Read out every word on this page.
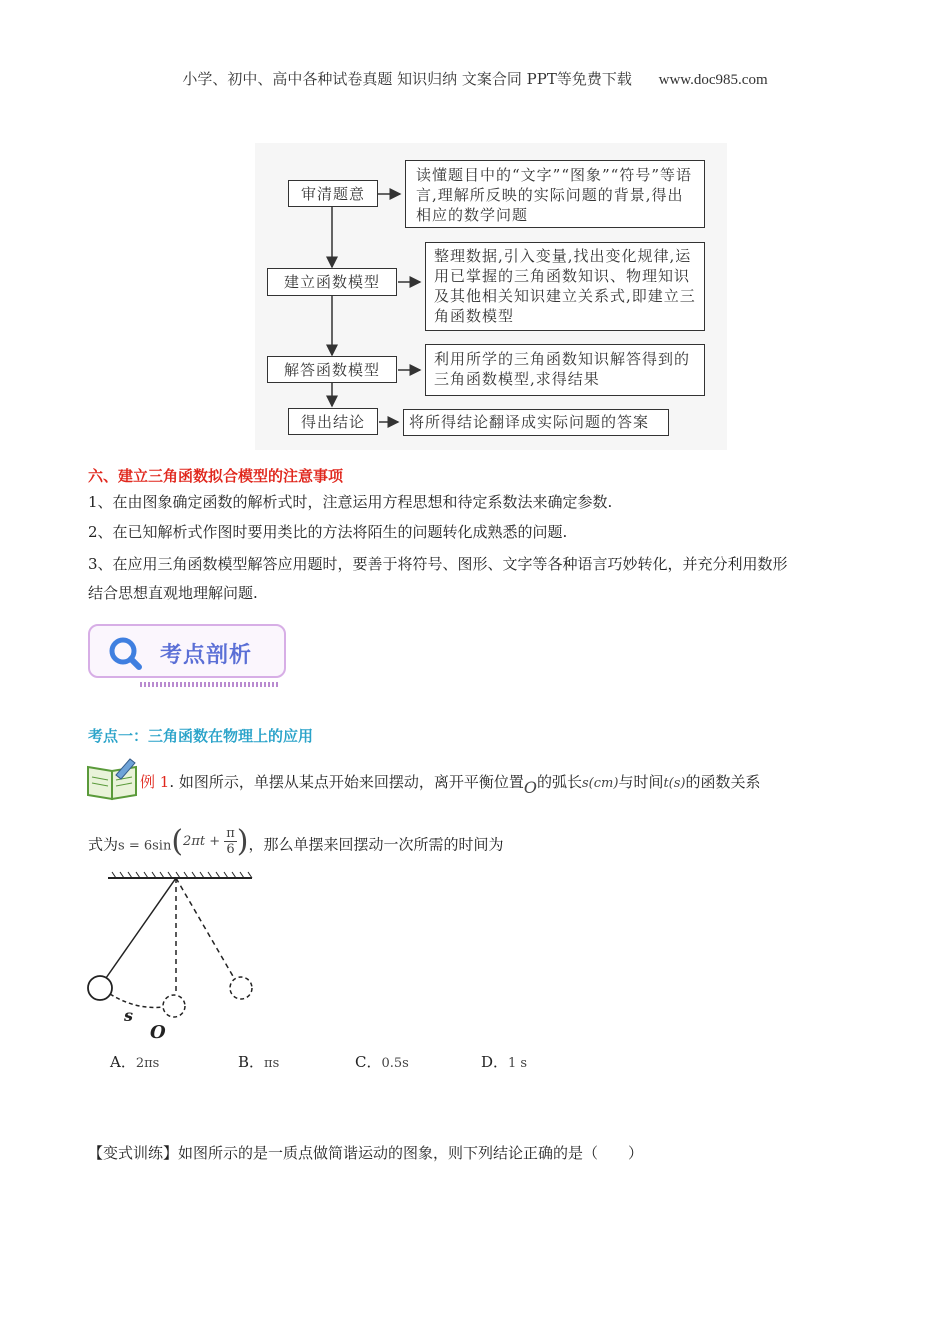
小学、初中、高中各种试卷真题 知识归纳 文案合同 PPT等免费下载 www.doc985.com
审清题意
建立函数模型
解答函数模型
得出结论
读懂题目中的“文字”“图象”“符号”等语言,理解所反映的实际问题的背景,得出相应的数学问题
整理数据,引入变量,找出变化规律,运用已掌握的三角函数知识、物理知识及其他相关知识建立关系式,即建立三角函数模型
利用所学的三角函数知识解答得到的三角函数模型,求得结果
将所得结论翻译成实际问题的答案
六、建立三角函数拟合模型的注意事项
1、在由图象确定函数的解析式时，注意运用方程思想和待定系数法来确定参数.
2、在已知解析式作图时要用类比的方法将陌生的问题转化成熟悉的问题.
3、在应用三角函数模型解答应用题时，要善于将符号、图形、文字等各种语言巧妙转化，并充分利用数形
结合思想直观地理解问题.
考点剖析
考点一：三角函数在物理上的应用
例 1. 如图所示，单摆从某点开始来回摆动，离开平衡位置O的弧长s(cm)与时间t(s)的函数关系
式为$s = 6\sin(2\pi t + \frac{\pi}{6}$ )，那么单摆来回摆动一次所需的时间为
s
O
A．2πs	B．πs	C．0.5s	D．1 s
【变式训练】如图所示的是一质点做简谐运动的图象，则下列结论正确的是（　　）
